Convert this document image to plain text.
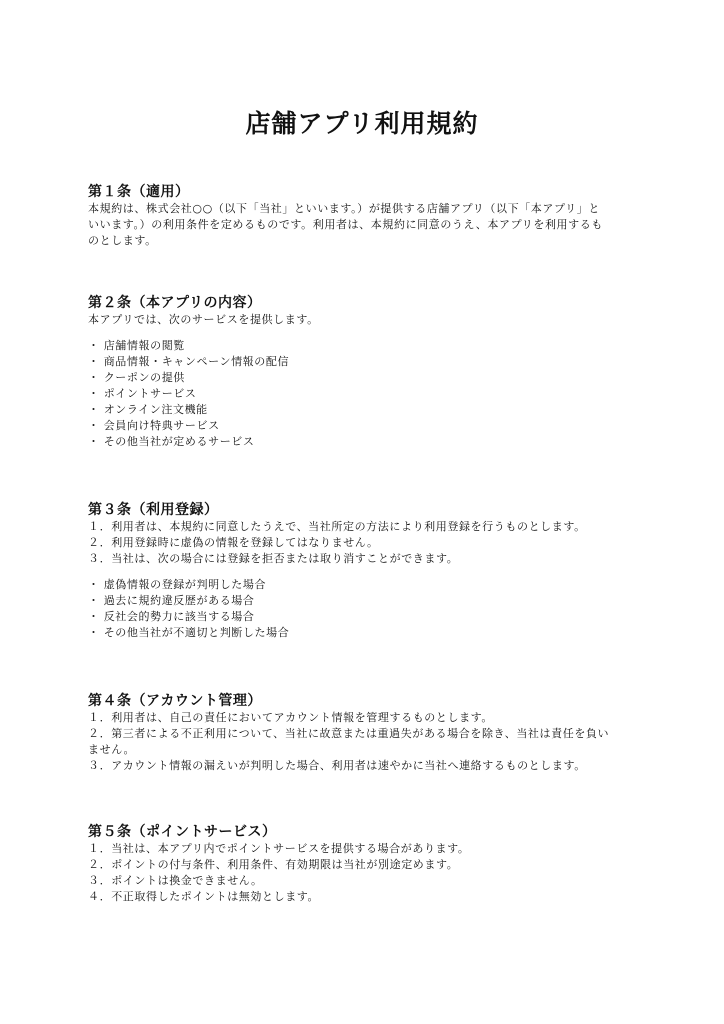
店舗アプリ利用規約
第１条（適用）
本規約は、株式会社○○（以下「当社」といいます。）が提供する店舗アプリ（以下「本アプリ」と
いいます。）の利用条件を定めるものです。利用者は、本規約に同意のうえ、本アプリを利用するも
のとします。
第２条（本アプリの内容）
本アプリでは、次のサービスを提供します。
・ 店舗情報の閲覧
・ 商品情報・キャンペーン情報の配信
・ クーポンの提供
・ ポイントサービス
・ オンライン注文機能
・ 会員向け特典サービス
・ その他当社が定めるサービス
第３条（利用登録）
１．利用者は、本規約に同意したうえで、当社所定の方法により利用登録を行うものとします。
２．利用登録時に虚偽の情報を登録してはなりません。
３．当社は、次の場合には登録を拒否または取り消すことができます。
・ 虚偽情報の登録が判明した場合
・ 過去に規約違反歴がある場合
・ 反社会的勢力に該当する場合
・ その他当社が不適切と判断した場合
第４条（アカウント管理）
１．利用者は、自己の責任においてアカウント情報を管理するものとします。
２．第三者による不正利用について、当社に故意または重過失がある場合を除き、当社は責任を負い
ません。
３．アカウント情報の漏えいが判明した場合、利用者は速やかに当社へ連絡するものとします。
第５条（ポイントサービス）
１．当社は、本アプリ内でポイントサービスを提供する場合があります。
２．ポイントの付与条件、利用条件、有効期限は当社が別途定めます。
３．ポイントは換金できません。
４．不正取得したポイントは無効とします。
